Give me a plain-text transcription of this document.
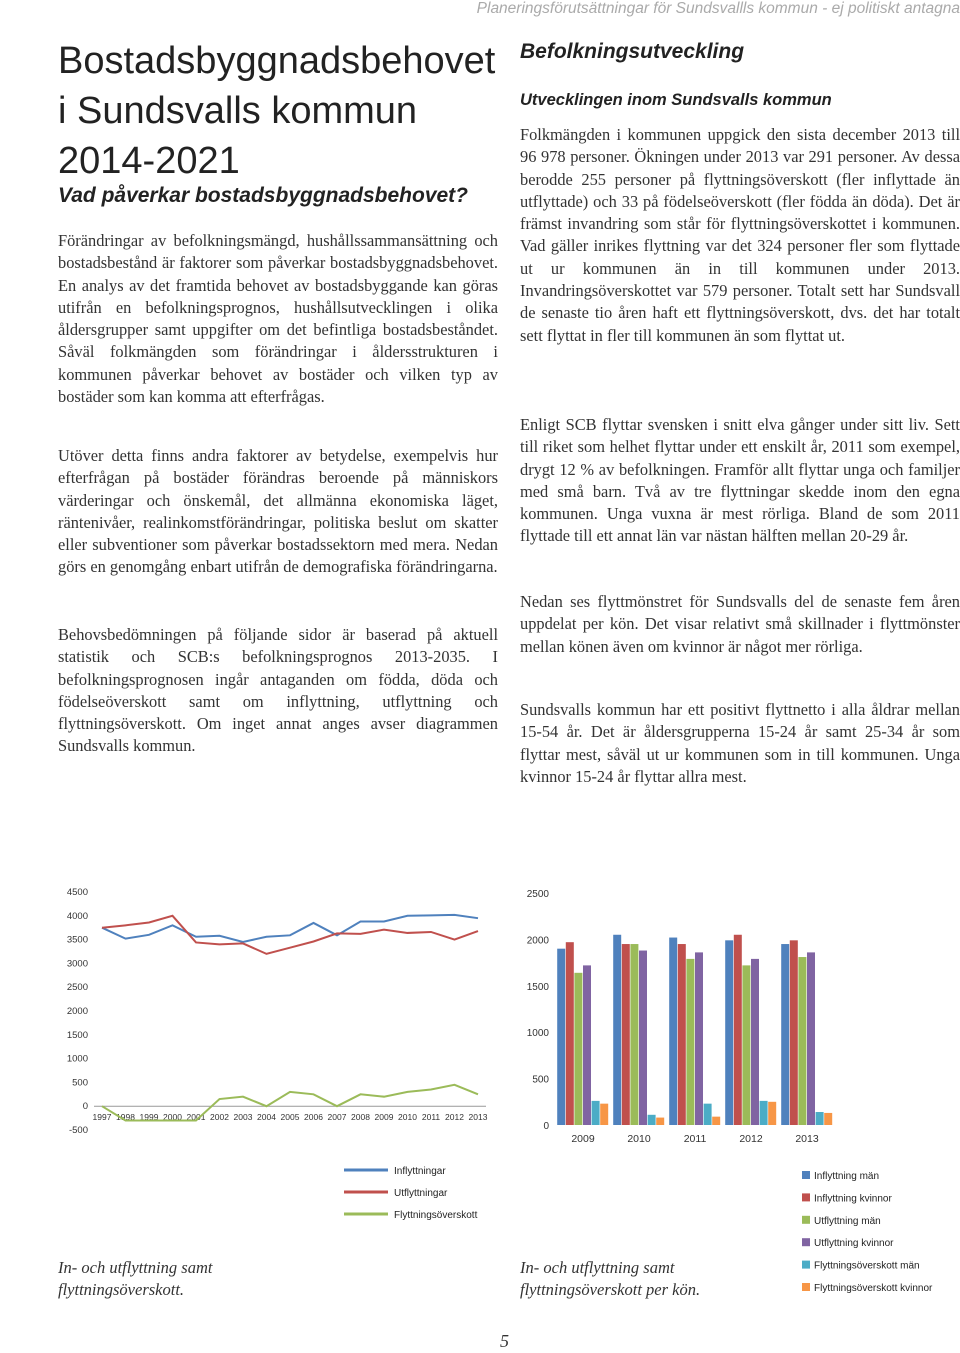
Planeringsförutsättningar för Sundsvallls kommun - ej politiskt antagna
Bostadsbyggnadsbehovet i Sundsvalls kommun 2014-2021
Vad påverkar bostadsbyggnadsbehovet?

Förändringar av befolkningsmängd, hushållssammansättning och bostadsbestånd är faktorer som påverkar bostadsbyggnadsbehovet. En analys av det framtida behovet av bostadsbyggande kan göras utifrån en befolkningsprognos, hushållsutvecklingen i olika åldersgrupper samt uppgifter om det befintliga bostadsbeståndet. Såväl folkmängden som förändringar i åldersstrukturen i kommunen påverkar behovet av bostäder och vilken typ av bostäder som kan komma att efterfrågas.

Utöver detta finns andra faktorer av betydelse, exempelvis hur efterfrågan på bostäder förändras beroende på människors värderingar och önskemål, det allmänna ekonomiska läget, räntenivåer, realinkomstförändringar, politiska beslut om skatter eller subventioner som påverkar bostadssektorn med mera. Nedan görs en genomgång enbart utifrån de demografiska förändringarna.

Behovsbedömningen på följande sidor är baserad på aktuell statistik och SCB:s befolkningsprognos 2013-2035. I befolkningsprognosen ingår antaganden om födda, döda och födelseöverskott samt om inflyttning, utflyttning och flyttningsöverskott. Om inget annat anges avser diagrammen Sundsvalls kommun.

Befolkningsutveckling
Utvecklingen inom Sundsvalls kommun

Folkmängden i kommunen uppgick den sista december 2013 till 96 978 personer. Ökningen under 2013 var 291 personer. Av dessa berodde 255 personer på flyttningsöverskott (fler inflyttade än utflyttade) och 33 på födelseöverskott (fler födda än döda). Det är främst invandring som står för flyttningsöverskottet i kommunen. Vad gäller inrikes flyttning var det 324 personer fler som flyttade ut ur kommunen än in till kommunen under 2013. Invandringsöverskottet var 579 personer. Totalt sett har Sundsvall de senaste tio åren haft ett flyttningsöverskott, dvs. det har totalt sett flyttat in fler till kommunen än som flyttat ut.

Enligt SCB flyttar svensken i snitt elva gånger under sitt liv. Sett till riket som helhet flyttar under ett enskilt år, 2011 som exempel, drygt 12 % av befolkningen. Framför allt flyttar unga och familjer med små barn. Två av tre flyttningar skedde inom den egna kommunen. Unga vuxna är mest rörliga. Bland de som 2011 flyttade till ett annat län var nästan hälften mellan 20-29 år.

Nedan ses flyttmönstret för Sundsvalls del de senaste fem åren uppdelat per kön. Det visar relativt små skillnader i flyttmönster mellan könen även om kvinnor är något mer rörliga.

Sundsvalls kommun har ett positivt flyttnetto i alla åldrar mellan 15-54 år. Det är åldersgrupperna 15-24 år samt 25-34 år som flyttar mest, såväl ut ur kommunen som in till kommunen. Unga kvinnor 15-24 år flyttar allra mest.

4500
4000
3500
3000
2500
2000
1500
1000
500
0
-500
1997 1998 1999 2000 2001 2002 2003 2004 2005 2006 2007 2008 2009 2010 2011 2012 2013
Inflyttningar
Utflyttningar
Flyttningsöverskott
2500
2000
1500
1000
500
0
2009	2010	2011	2012	2013
Inflyttning män
Inflyttning kvinnor
Utflyttning män
Utflyttning kvinnor
Flyttningsöverskott män
Flyttningsöverskott kvinnor
In- och utflyttning samt flyttningsöverskott.
In- och utflyttning samt flyttningsöverskott per kön.
5
